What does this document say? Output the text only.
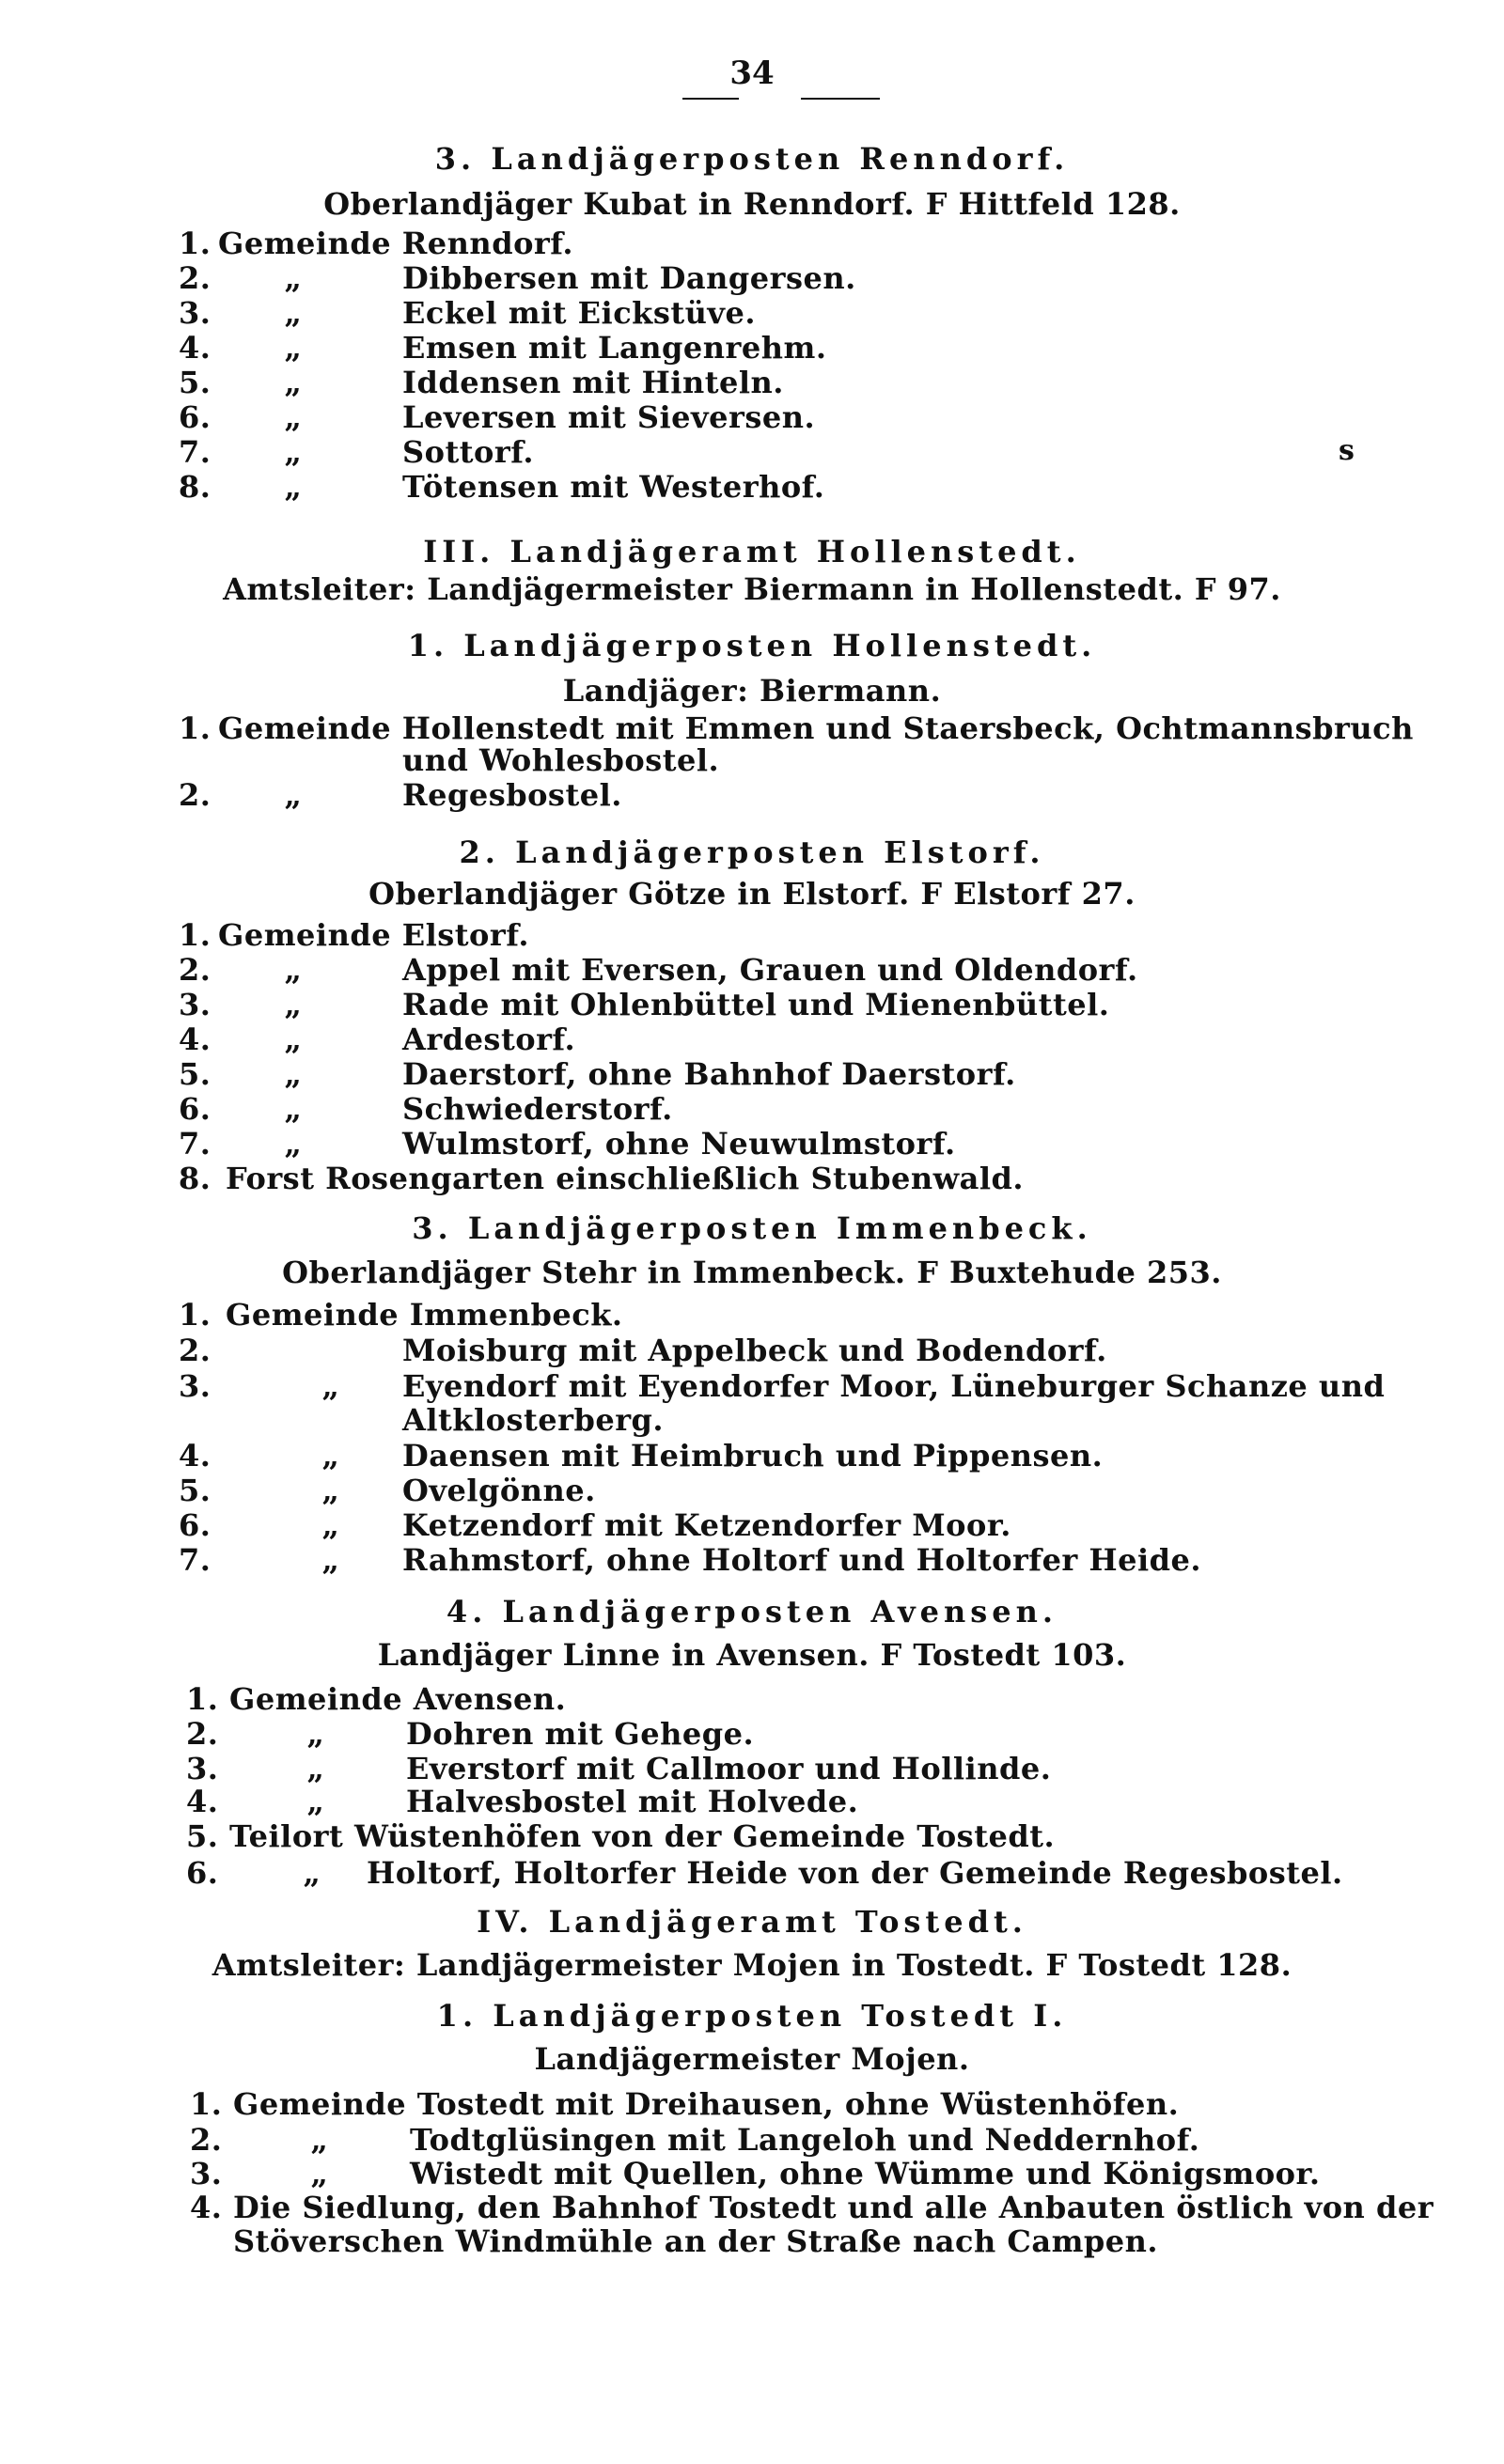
34
s
3. Landjägerposten Renndorf.
Oberlandjäger Kubat in Renndorf. F Hittfeld 128.
1. Gemeinde Renndorf.
2.	„	Dibbersen mit Dangersen.
3.	„	Eckel mit Eickstüve.
4.	„	Emsen mit Langenrehm.
5.	„	Iddensen mit Hinteln.
6.	„	Leversen mit Sieversen.
7.	„	Sottorf.
8.	„	Tötensen mit Westerhof.
III. Landjägeramt Hollenstedt.
Amtsleiter: Landjägermeister Biermann in Hollenstedt. F 97.
1. Landjägerposten Hollenstedt.
Landjäger: Biermann.
1. Gemeinde Hollenstedt mit Emmen und Staersbeck, Ochtmannsbruch
und Wohlesbostel.
2.	„	Regesbostel.
2. Landjägerposten Elstorf.
Oberlandjäger Götze in Elstorf. F Elstorf 27.
1. Gemeinde Elstorf.
2.	„	Appel mit Eversen, Grauen und Oldendorf.
3.	„	Rade mit Ohlenbüttel und Mienenbüttel.
4.	„	Ardestorf.
5.	„	Daerstorf, ohne Bahnhof Daerstorf.
6.	„	Schwiederstorf.
7.	„	Wulmstorf, ohne Neuwulmstorf.
8. Forst Rosengarten einschließlich Stubenwald.
3. Landjägerposten Immenbeck.
Oberlandjäger Stehr in Immenbeck. F Buxtehude 253.
1. Gemeinde Immenbeck.
2.	Moisburg mit Appelbeck und Bodendorf.
3.	„	Eyendorf mit Eyendorfer Moor, Lüneburger Schanze und
Altklosterberg.
4.	„	Daensen mit Heimbruch und Pippensen.
5.	„	Ovelgönne.
6.	„	Ketzendorf mit Ketzendorfer Moor.
7.	„	Rahmstorf, ohne Holtorf und Holtorfer Heide.
4. Landjägerposten Avensen.
Landjäger Linne in Avensen. F Tostedt 103.
1. Gemeinde Avensen.
2.	„	Dohren mit Gehege.
3.	„	Everstorf mit Callmoor und Hollinde.
4.	„	Halvesbostel mit Holvede.
5. Teilort Wüstenhöfen von der Gemeinde Tostedt.
6.	„	Holtorf, Holtorfer Heide von der Gemeinde Regesbostel.
IV. Landjägeramt Tostedt.
Amtsleiter: Landjägermeister Mojen in Tostedt. F Tostedt 128.
1. Landjägerposten Tostedt I.
Landjägermeister Mojen.
1. Gemeinde Tostedt mit Dreihausen, ohne Wüstenhöfen.
2.	„	Todtglüsingen mit Langeloh und Neddernhof.
3.	„	Wistedt mit Quellen, ohne Wümme und Königsmoor.
4. Die Siedlung, den Bahnhof Tostedt und alle Anbauten östlich von der
Stöverschen Windmühle an der Straße nach Campen.
